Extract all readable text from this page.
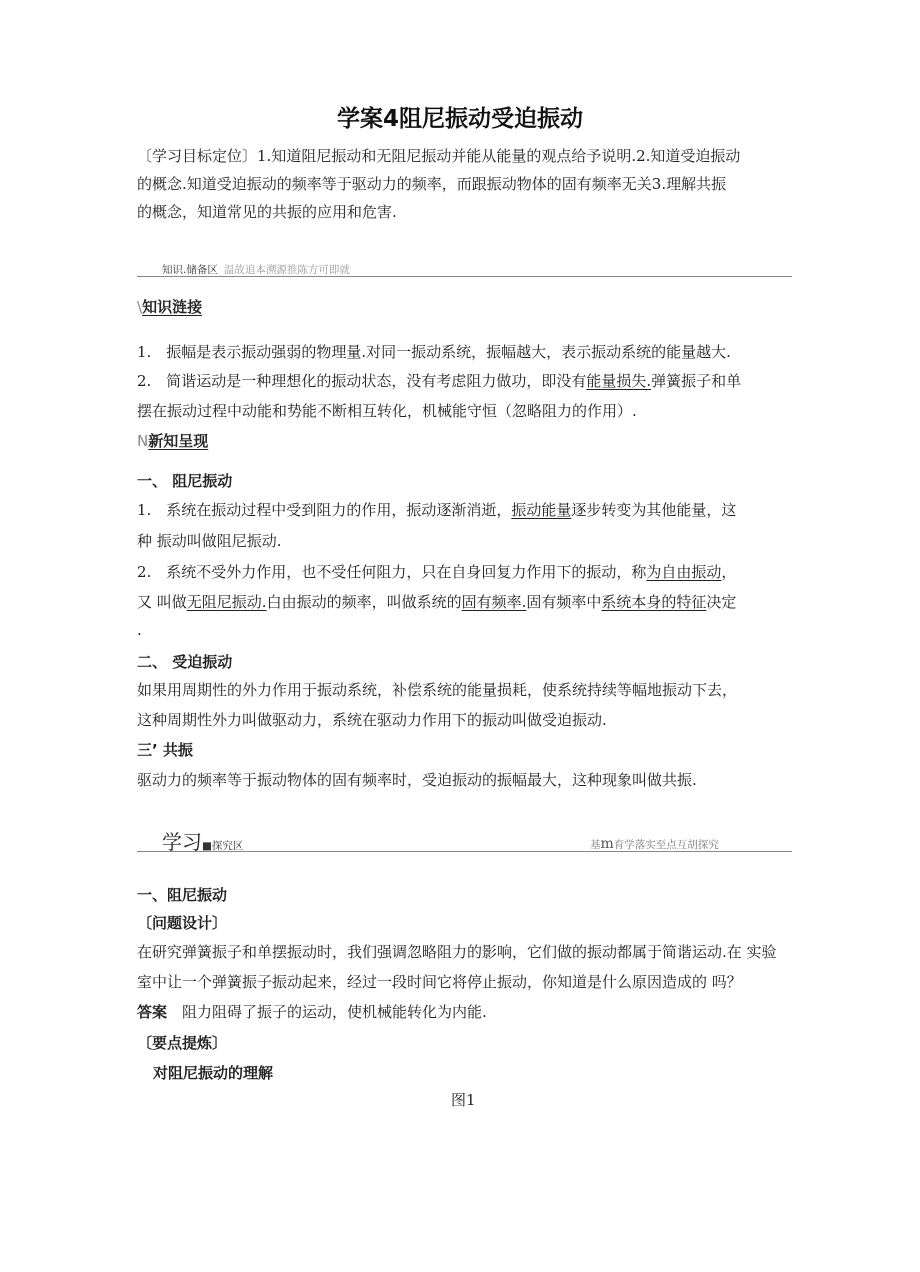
学案4阻尼振动受迫振动
〔学习目标定位〕1.知道阻尼振动和无阻尼振动并能从能量的观点给予说明.2.知道受迫振动
的概念.知道受迫振动的频率等于驱动力的频率，而跟振动物体的固有频率无关3.理解共振
的概念，知道常见的共振的应用和危害.
知识.储备区 温故追本溯源推陈方可即就
\知识涟接
1.　振幅是表示振动强弱的物理量.对同一振动系统，振幅越大，表示振动系统的能量越大.
2.　简谐运动是一种理想化的振动状态，没有考虑阻力做功，即没有能量损失.弹簧振子和单
摆在振动过程中动能和势能不断相互转化，机械能守恒（忽略阻力的作用）.
N新知呈现
一、 阻尼振动
1.　系统在振动过程中受到阻力的作用，振动逐渐消逝，振动能量逐步转变为其他能量，这
种 振动叫做阻尼振动.
2.　系统不受外力作用，也不受任何阻力，只在自身回复力作用下的振动，称为自由振动，
又 叫做无阻尼振动.白由振动的频率，叫做系统的固有频率.固有频率中系统本身的特征决定
.
二、 受迫振动
如果用周期性的外力作用于振动系统，补偿系统的能量损耗，使系统持续等幅地振动下去，
这种周期性外力叫做驱动力，系统在驱动力作用下的振动叫做受迫振动.
三’ 共振
驱动力的频率等于振动物体的固有频率时，受迫振动的振幅最大，这种现象叫做共振.
学习■探究区	基m育学落实至点互胡探究
一、阻尼振动
〔问题设计〕
在研究弹簧振子和单摆振动时，我们强调忽略阻力的影响，它们做的振动都属于简谐运动.在 实验
室中让一个弹簧振子振动起来，经过一段时间它将停止振动，你知道是什么原因造成的 吗？
答案　 阻力阻碍了振子的运动，使机械能转化为内能.
〔要点提炼〕
对阻尼振动的理解
图1
